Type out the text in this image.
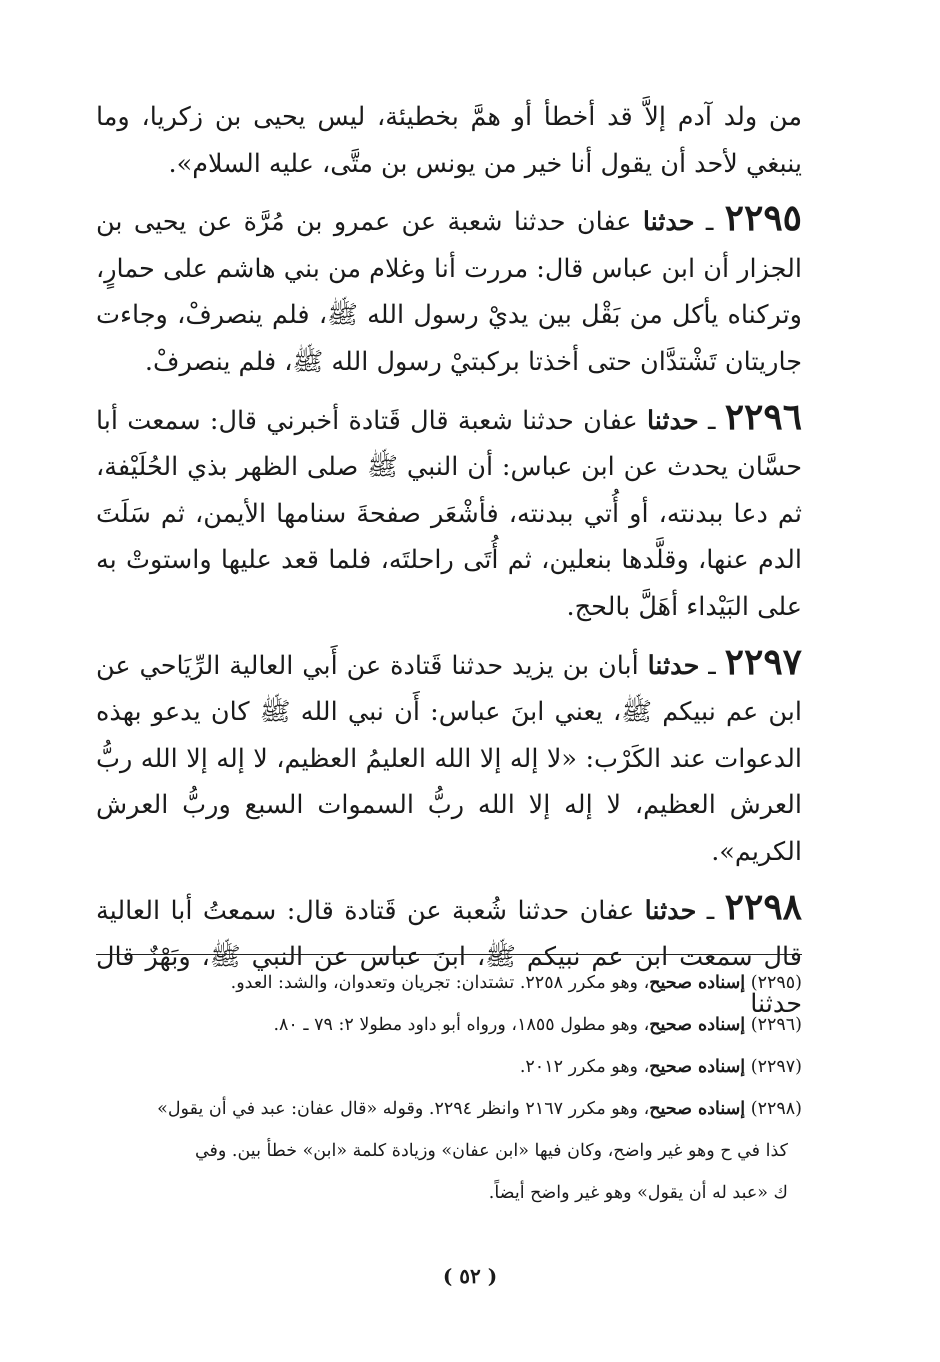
من ولد آدم إلاَّ قد أخطأ أو همَّ بخطيئة، ليس يحيى بن زكريا، وما ينبغي لأحد أن يقول أنا خير من يونس بن متَّى، عليه السلام».

٢٢٩٥ ـ حدثنا عفان حدثنا شعبة عن عمرو بن مُرَّة عن يحيى بن الجزار أن ابن عباس قال: مررت أنا وغلام من بني هاشم على حمارٍ، وتركناه يأكل من بَقْل بين يديْ رسول الله ﷺ، فلم ينصرفْ، وجاءت جاريتان تَشْتدَّان حتى أخذتا بركبتيْ رسول الله ﷺ، فلم ينصرفْ.

٢٢٩٦ ـ حدثنا عفان حدثنا شعبة قال قَتادة أخبرني قال: سمعت أبا حسَّان يحدث عن ابن عباس: أن النبي ﷺ صلى الظهر بذي الحُلَيْفة، ثم دعا ببدنته، أو أُتي ببدنته، فأشْعَر صفحةَ سنامها الأيمن، ثم سَلَتَ الدم عنها، وقلَّدها بنعلين، ثم أُتَى راحلتَه، فلما قعد عليها واستوتْ به على البَيْداء أهَلَّ بالحج.

٢٢٩٧ ـ حدثنا أبان بن يزيد حدثنا قَتادة عن أَبي العالية الرِّيَاحي عن ابن عم نبيكم ﷺ، يعني ابنَ عباس: أَن نبي الله ﷺ كان يدعو بهذه الدعوات عند الكَرْب: «لا إله إلا الله العليمُ العظيم، لا إله إلا الله ربُّ العرش العظيم، لا إله إلا الله ربُّ السموات السبع وربُّ العرش الكريم».

٢٢٩٨ ـ حدثنا عفان حدثنا شُعبة عن قَتادة قال: سمعتُ أبا العالية قال سمعت ابن عم نبيكم ﷺ، ابنَ عباس عن النبي ﷺ، وبَهْزٌ قال حدثنا

(٢٢٩٥) إسناده صحيح، وهو مكرر ٢٢٥٨. تشتدان: تجريان وتعدوان، والشد: العدو.

(٢٢٩٦) إسناده صحيح، وهو مطول ١٨٥٥، ورواه أبو داود مطولا ٢: ٧٩ ـ ٨٠.

(٢٢٩٧) إسناده صحيح، وهو مكرر ٢٠١٢.

(٢٢٩٨) إسناده صحيح، وهو مكرر ٢١٦٧ وانظر ٢٢٩٤. وقوله «قال عفان: عبد في أن يقول»

كذا في ح وهو غير واضح، وكان فيها «ابن عفان» وزيادة كلمة «ابن» خطأ بين. وفي

ك «عبد له أن يقول» وهو غير واضح أيضاً.

( ٥٢ )
